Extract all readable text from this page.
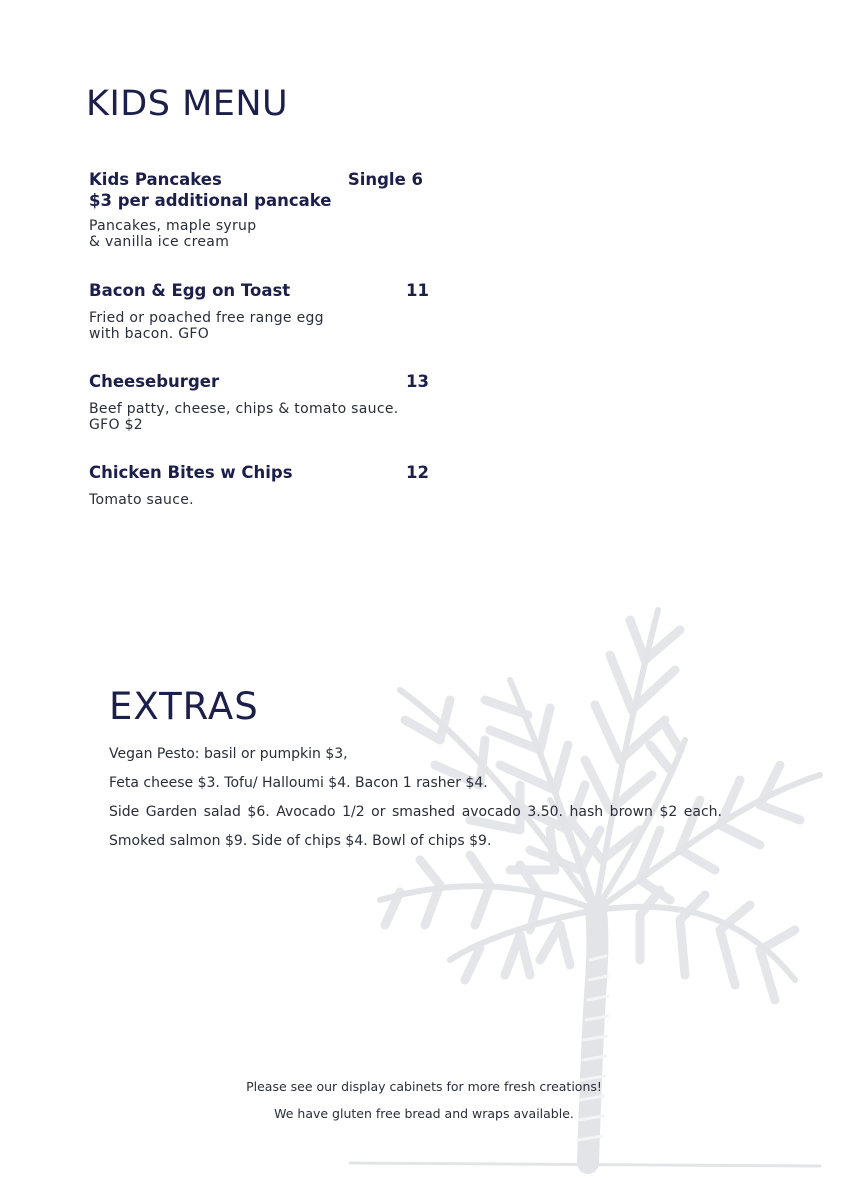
KIDS MENU
Kids Pancakes
$3 per additional pancake
Single 6
Pancakes, maple syrup
& vanilla ice cream
Bacon & Egg on Toast	11
Fried or poached free range egg
with bacon. GFO
Cheeseburger	13
Beef patty, cheese, chips & tomato sauce.
GFO $2
Chicken Bites w Chips	12
Tomato sauce.
EXTRAS
Vegan Pesto: basil or pumpkin $3,
Feta cheese $3. Tofu/ Halloumi $4. Bacon 1 rasher $4.
Side Garden salad $6. Avocado 1/2 or smashed avocado 3.50. hash brown $2 each. Smoked salmon $9. Side of chips $4. Bowl of chips $9.
Please see our display cabinets for more fresh creations!
We have gluten free bread and wraps available.
